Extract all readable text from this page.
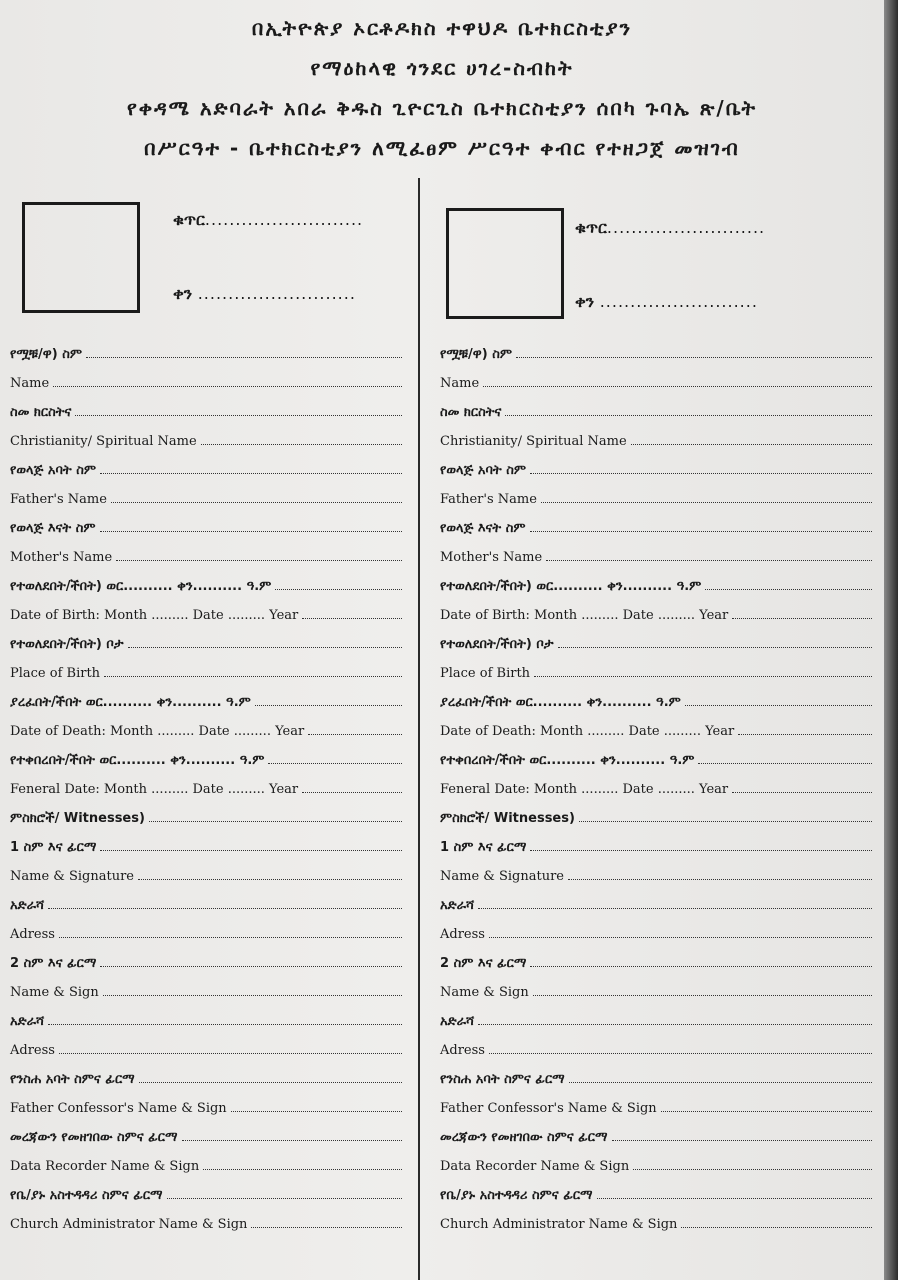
በኢትዮጵያ ኦርቶዶክስ ተዋህዶ ቤተክርስቲያን
የማዕከላዊ ጎንደር ሀገረ-ስብከት
የቀዳሜ አድባራት አበራ ቅዱስ ጊዮርጊስ ቤተክርስቲያን ሰበካ ጉባኤ ጽ/ቤት
በሥርዓተ - ቤተክርስቲያን ለሚፈፀም ሥርዓተ ቀብር የተዘጋጀ መዝገብ
ቁጥር..........................
ቀን ..........................
የሟቹ/ዋ) ስም
Name
ስመ ክርስትና
Christianity/ Spiritual Name
የወላጅ አባት ስም
Father's Name
የወላጅ እናት ስም
Mother's Name
የተወለደበት/ችበት) ወር.......... ቀን.......... ዓ.ም
Date of Birth: Month ......... Date ......... Year
የተወለደበት/ችበት) ቦታ
Place of Birth
ያረፈበት/ችበት ወር.......... ቀን.......... ዓ.ም
Date of Death: Month ......... Date ......... Year
የተቀበረበት/ችበት ወር.......... ቀን.......... ዓ.ም
Feneral Date: Month ......... Date ......... Year
ምስክሮች/ Witnesses)
1 ስም እና ፊርማ
Name & Signature
አድራሻ
Adress
2 ስም እና ፊርማ
Name & Sign
አድራሻ
Adress
የንስሐ አባት ስምና ፊርማ
Father Confessor's Name & Sign
መረጃውን የመዘገበው ስምና ፊርማ
Data Recorder Name & Sign
የቤ/ያኑ አስተዳዳሪ ስምና ፊርማ
Church Administrator Name & Sign
ቁጥር..........................
ቀን ..........................
የሟቹ/ዋ) ስም
Name
ስመ ክርስትና
Christianity/ Spiritual Name
የወላጅ አባት ስም
Father's Name
የወላጅ እናት ስም
Mother's Name
የተወለደበት/ችበት) ወር.......... ቀን.......... ዓ.ም
Date of Birth: Month ......... Date ......... Year
የተወለደበት/ችበት) ቦታ
Place of Birth
ያረፈበት/ችበት ወር.......... ቀን.......... ዓ.ም
Date of Death: Month ......... Date ......... Year
የተቀበረበት/ችበት ወር.......... ቀን.......... ዓ.ም
Feneral Date: Month ......... Date ......... Year
ምስክሮች/ Witnesses)
1 ስም እና ፊርማ
Name & Signature
አድራሻ
Adress
2 ስም እና ፊርማ
Name & Sign
አድራሻ
Adress
የንስሐ አባት ስምና ፊርማ
Father Confessor's Name & Sign
መረጃውን የመዘገበው ስምና ፊርማ
Data Recorder Name & Sign
የቤ/ያኑ አስተዳዳሪ ስምና ፊርማ
Church Administrator Name & Sign
